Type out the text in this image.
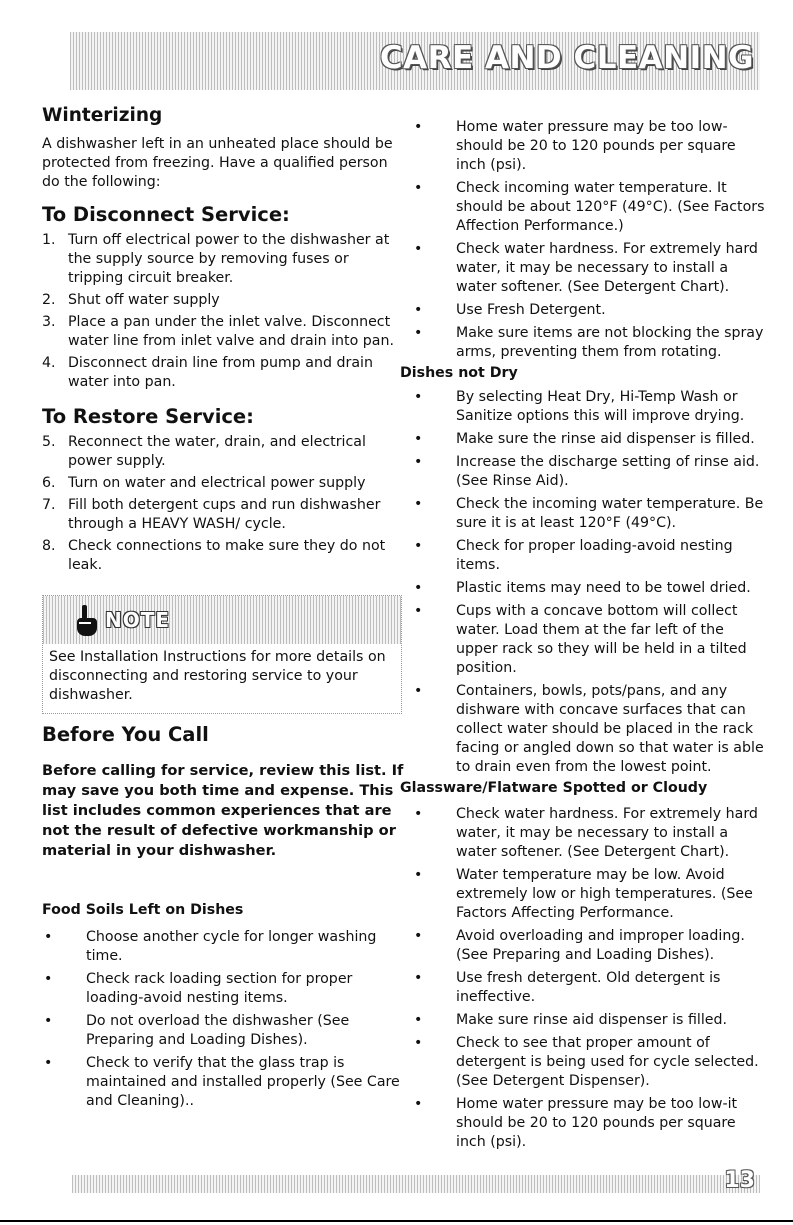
CARE AND CLEANING
Winterizing

A dishwasher left in an unheated place should be protected from freezing. Have a qualified person do the following:

To Disconnect Service:
1. Turn off electrical power to the dishwasher at the supply source by removing fuses or tripping circuit breaker.
2. Shut off water supply
3. Place a pan under the inlet valve. Disconnect water line from inlet valve and drain into pan.
4. Disconnect drain line from pump and drain water into pan.
To Restore Service:
5. Reconnect the water, drain, and electrical power supply.
6. Turn on water and electrical power supply
7. Fill both detergent cups and run dishwasher through a HEAVY WASH/ cycle.
8. Check connections to make sure they do not leak.
NOTE
See Installation Instructions for more details on disconnecting and restoring service to your dishwasher.
Before You Call

Before calling for service, review this list. If may save you both time and expense. This list includes common experiences that are not the result of defective workmanship or material in your dishwasher.

Food Soils Left on Dishes
•	Choose another cycle for longer washing time.
•	Check rack loading section for proper loading-avoid nesting items.
•	Do not overload the dishwasher (See Preparing and Loading Dishes).
•	Check to verify that the glass trap is maintained and installed properly (See Care and Cleaning)..
•	Home water pressure may be too low- should be 20 to 120 pounds per square inch (psi).
•	Check incoming water temperature. It should be about 120°F (49°C). (See Factors Affection Performance.)
•	Check water hardness. For extremely hard water, it may be necessary to install a water softener. (See Detergent Chart).
•	Use Fresh Detergent.
•	Make sure items are not blocking the spray arms, preventing them from rotating.
Dishes not Dry
•	By selecting Heat Dry, Hi-Temp Wash or Sanitize options this will improve drying.
•	Make sure the rinse aid dispenser is filled.
•	Increase the discharge setting of rinse aid. (See Rinse Aid).
•	Check the incoming water temperature. Be sure it is at least 120°F (49°C).
•	Check for proper loading-avoid nesting items.
•	Plastic items may need to be towel dried.
•	Cups with a concave bottom will collect water. Load them at the far left of the upper rack so they will be held in a tilted position.
•	Containers, bowls, pots/pans, and any dishware with concave surfaces that can collect water should be placed in the rack facing or angled down so that water is able to drain even from the lowest point.
Glassware/Flatware Spotted or Cloudy
•	Check water hardness. For extremely hard water, it may be necessary to install a water softener. (See Detergent Chart).
•	Water temperature may be low. Avoid extremely low or high temperatures. (See Factors Affecting Performance.
•	Avoid overloading and improper loading. (See Preparing and Loading Dishes).
•	Use fresh detergent. Old detergent is ineffective.
•	Make sure rinse aid dispenser is filled.
•	Check to see that proper amount of detergent is being used for cycle selected. (See Detergent Dispenser).
•	Home water pressure may be too low-it should be 20 to 120 pounds per square inch (psi).
13
